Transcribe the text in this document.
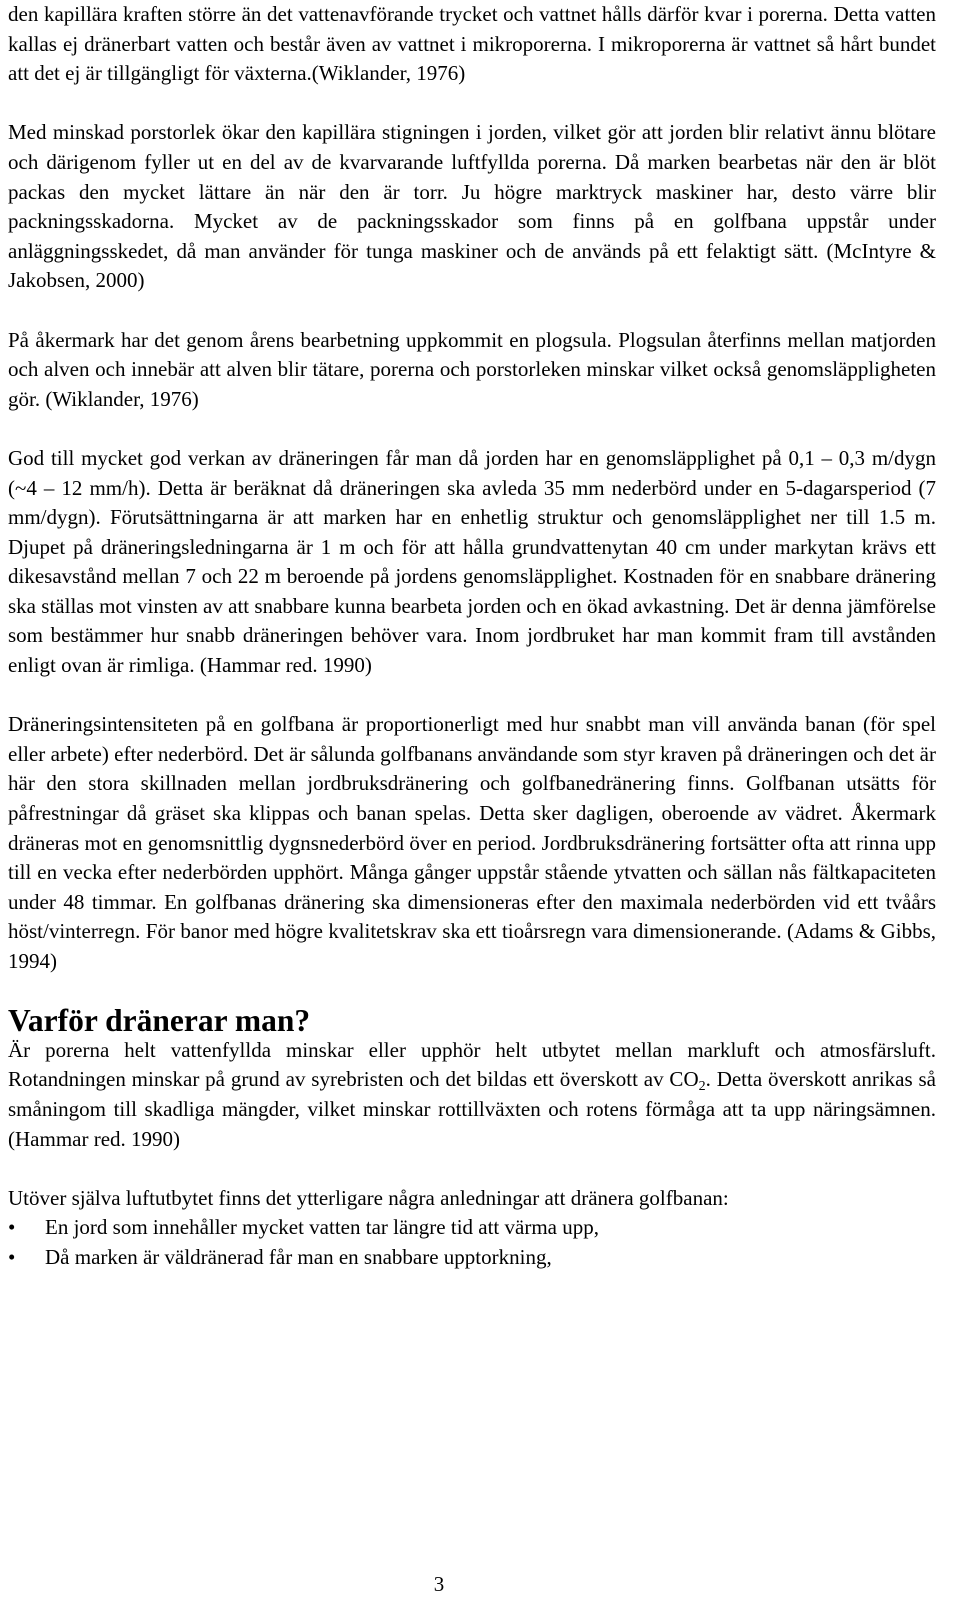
den kapillära kraften större än det vattenavförande trycket och vattnet hålls därför kvar i porerna. Detta vatten kallas ej dränerbart vatten och består även av vattnet i mikroporerna. I mikroporerna är vattnet så hårt bundet att det ej är tillgängligt för växterna.(Wiklander, 1976)

Med minskad porstorlek ökar den kapillära stigningen i jorden, vilket gör att jorden blir relativt ännu blötare och därigenom fyller ut en del av de kvarvarande luftfyllda porerna. Då marken bearbetas när den är blöt packas den mycket lättare än när den är torr. Ju högre marktryck maskiner har, desto värre blir packningsskadorna. Mycket av de packningsskador som finns på en golfbana uppstår under anläggningsskedet, då man använder för tunga maskiner och de används på ett felaktigt sätt. (McIntyre & Jakobsen, 2000)

På åkermark har det genom årens bearbetning uppkommit en plogsula. Plogsulan återfinns mellan matjorden och alven och innebär att alven blir tätare, porerna och porstorleken minskar vilket också genomsläppligheten gör. (Wiklander, 1976)

God till mycket god verkan av dräneringen får man då jorden har en genomsläpplighet på 0,1 – 0,3 m/dygn (~4 – 12 mm/h). Detta är beräknat då dräneringen ska avleda 35 mm nederbörd under en 5-dagarsperiod (7 mm/dygn). Förutsättningarna är att marken har en enhetlig struktur och genomsläpplighet ner till 1.5 m. Djupet på dräneringsledningarna är 1 m och för att hålla grundvattenytan 40 cm under markytan krävs ett dikesavstånd mellan 7 och 22 m beroende på jordens genomsläpplighet. Kostnaden för en snabbare dränering ska ställas mot vinsten av att snabbare kunna bearbeta jorden och en ökad avkastning. Det är denna jämförelse som bestämmer hur snabb dräneringen behöver vara. Inom jordbruket har man kommit fram till avstånden enligt ovan är rimliga. (Hammar red. 1990)

Dräneringsintensiteten på en golfbana är proportionerligt med hur snabbt man vill använda banan (för spel eller arbete) efter nederbörd. Det är sålunda golfbanans användande som styr kraven på dräneringen och det är här den stora skillnaden mellan jordbruksdränering och golfbanedränering finns. Golfbanan utsätts för påfrestningar då gräset ska klippas och banan spelas. Detta sker dagligen, oberoende av vädret. Åkermark dräneras mot en genomsnittlig dygnsnederbörd över en period. Jordbruksdränering fortsätter ofta att rinna upp till en vecka efter nederbörden upphört. Många gånger uppstår stående ytvatten och sällan nås fältkapaciteten under 48 timmar. En golfbanas dränering ska dimensioneras efter den maximala nederbörden vid ett tvåårs höst/vinterregn. För banor med högre kvalitetskrav ska ett tioårsregn vara dimensionerande. (Adams & Gibbs, 1994)

Varför dränerar man?

Är porerna helt vattenfyllda minskar eller upphör helt utbytet mellan markluft och atmosfärsluft. Rotandningen minskar på grund av syrebristen och det bildas ett överskott av $CO_2$. Detta överskott anrikas så småningom till skadliga mängder, vilket minskar rottillväxten och rotens förmåga att ta upp näringsämnen. (Hammar red. 1990)

Utöver själva luftutbytet finns det ytterligare några anledningar att dränera golfbanan:

• En jord som innehåller mycket vatten tar längre tid att värma upp,
• Då marken är väldränerad får man en snabbare upptorkning,
3
